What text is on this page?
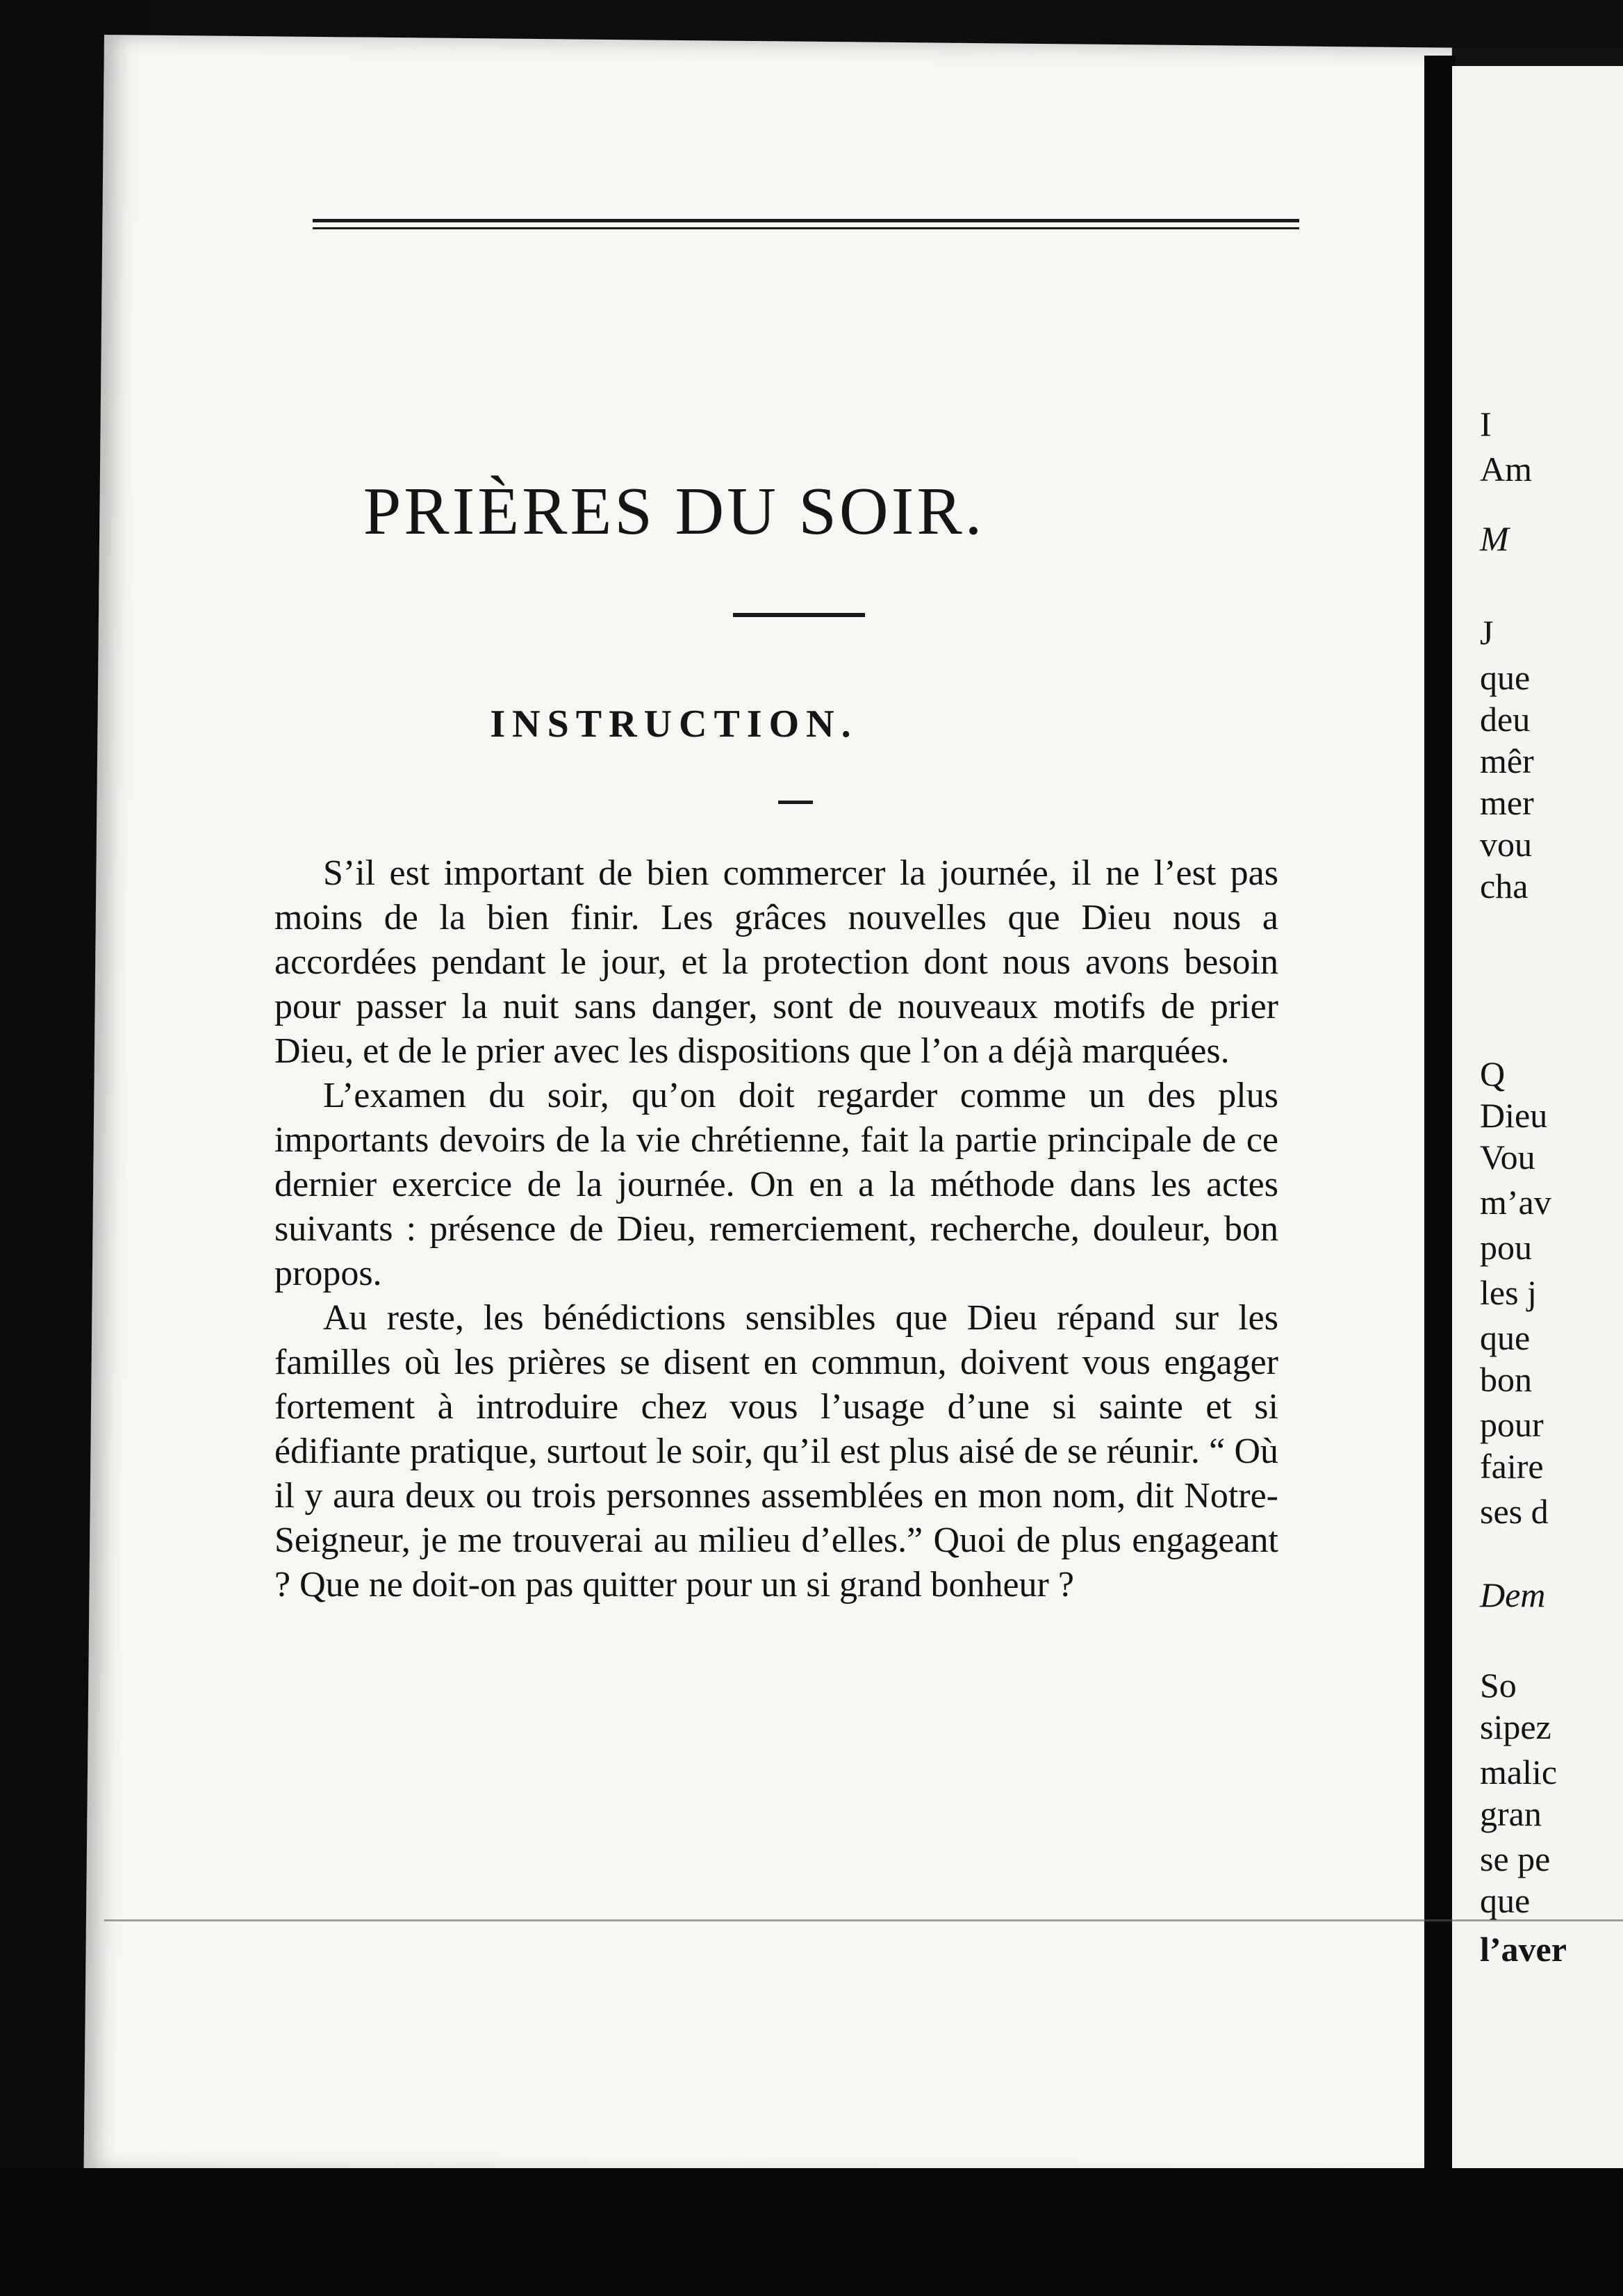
PRIÈRES DU SOIR.
INSTRUCTION.

S’il est important de bien commercer la journée, il ne l’est pas moins de la bien finir. Les grâces nouvelles que Dieu nous a accordées pendant le jour, et la protection dont nous avons besoin pour passer la nuit sans danger, sont de nouveaux motifs de prier Dieu, et de le prier avec les dispositions que l’on a déjà marquées.

L’examen du soir, qu’on doit regarder comme un des plus importants devoirs de la vie chrétienne, fait la partie principale de ce dernier exercice de la journée. On en a la méthode dans les actes suivants : présence de Dieu, remerciement, recherche, douleur, bon propos.

Au reste, les bénédictions sensibles que Dieu répand sur les familles où les prières se disent en commun, doivent vous engager fortement à introduire chez vous l’usage d’une si sainte et si édifiante pratique, surtout le soir, qu’il est plus aisé de se réunir. “ Où il y aura deux ou trois personnes assemblées en mon nom, dit Notre-Seigneur, je me trouverai au milieu d’elles.” Quoi de plus engageant ? Que ne doit-on pas quitter pour un si grand bonheur ?

I
Am
M
J
que
deu
mêr
mer
vou
cha
Q
Dieu
Vou
m’av
pou
les j
que
bon
pour
faire
ses d
Dem
So
sipez
malic
gran
se pe
que
l’aver
